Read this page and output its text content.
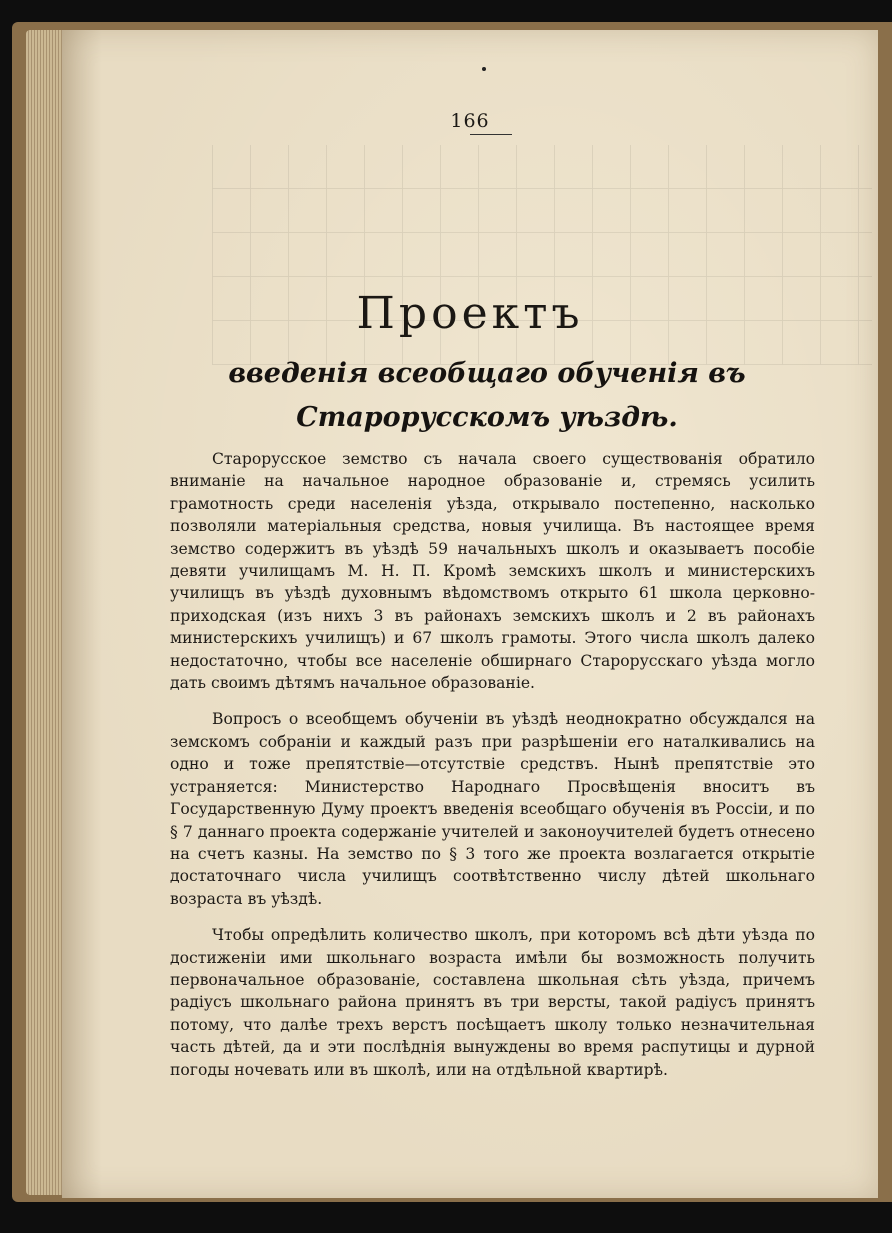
166
Проектъ
введенія всеобщаго обученія въ Старорусскомъ уѣздѣ.

Старорусское земство съ начала своего существованія обратило вниманіе на начальное народное образованіе и, стремясь усилить грамотность среди населенія уѣзда, открывало постепенно, насколько позволяли матеріальныя средства, новыя училища. Въ настоящее время земство содержитъ въ уѣздѣ 59 начальныхъ школъ и оказываетъ пособіе девяти училищамъ М. Н. П. Кромѣ земскихъ школъ и министерскихъ училищъ въ уѣздѣ духовнымъ вѣдомствомъ открыто 61 школа церковно-приходская (изъ нихъ 3 въ районахъ земскихъ школъ и 2 въ районахъ министерскихъ училищъ) и 67 школъ грамоты. Этого числа школъ далеко недостаточно, чтобы все населеніе обширнаго Старорусскаго уѣзда могло дать своимъ дѣтямъ начальное образованіе.

Вопросъ о всеобщемъ обученіи въ уѣздѣ неоднократно обсуждался на земскомъ собраніи и каждый разъ при разрѣшеніи его наталкивались на одно и тоже препятствіе—отсутствіе средствъ. Нынѣ препятствіе это устраняется: Министерство Народнаго Просвѣщенія вноситъ въ Государственную Думу проектъ введенія всеобщаго обученія въ Россіи, и по § 7 даннаго проекта содержаніе учителей и законоучителей будетъ отнесено на счетъ казны. На земство по § 3 того же проекта возлагается открытіе достаточнаго числа училищъ соотвѣтственно числу дѣтей школьнаго возраста въ уѣздѣ.

Чтобы опредѣлить количество школъ, при которомъ всѣ дѣти уѣзда по достиженіи ими школьнаго возраста имѣли бы возможность получить первоначальное образованіе, составлена школьная сѣть уѣзда, причемъ радіусъ школьнаго района принятъ въ три версты, такой радіусъ принятъ потому, что далѣе трехъ верстъ посѣщаетъ школу только незначительная часть дѣтей, да и эти послѣднія вынуждены во время распутицы и дурной погоды ночевать или въ школѣ, или на отдѣльной квартирѣ.
